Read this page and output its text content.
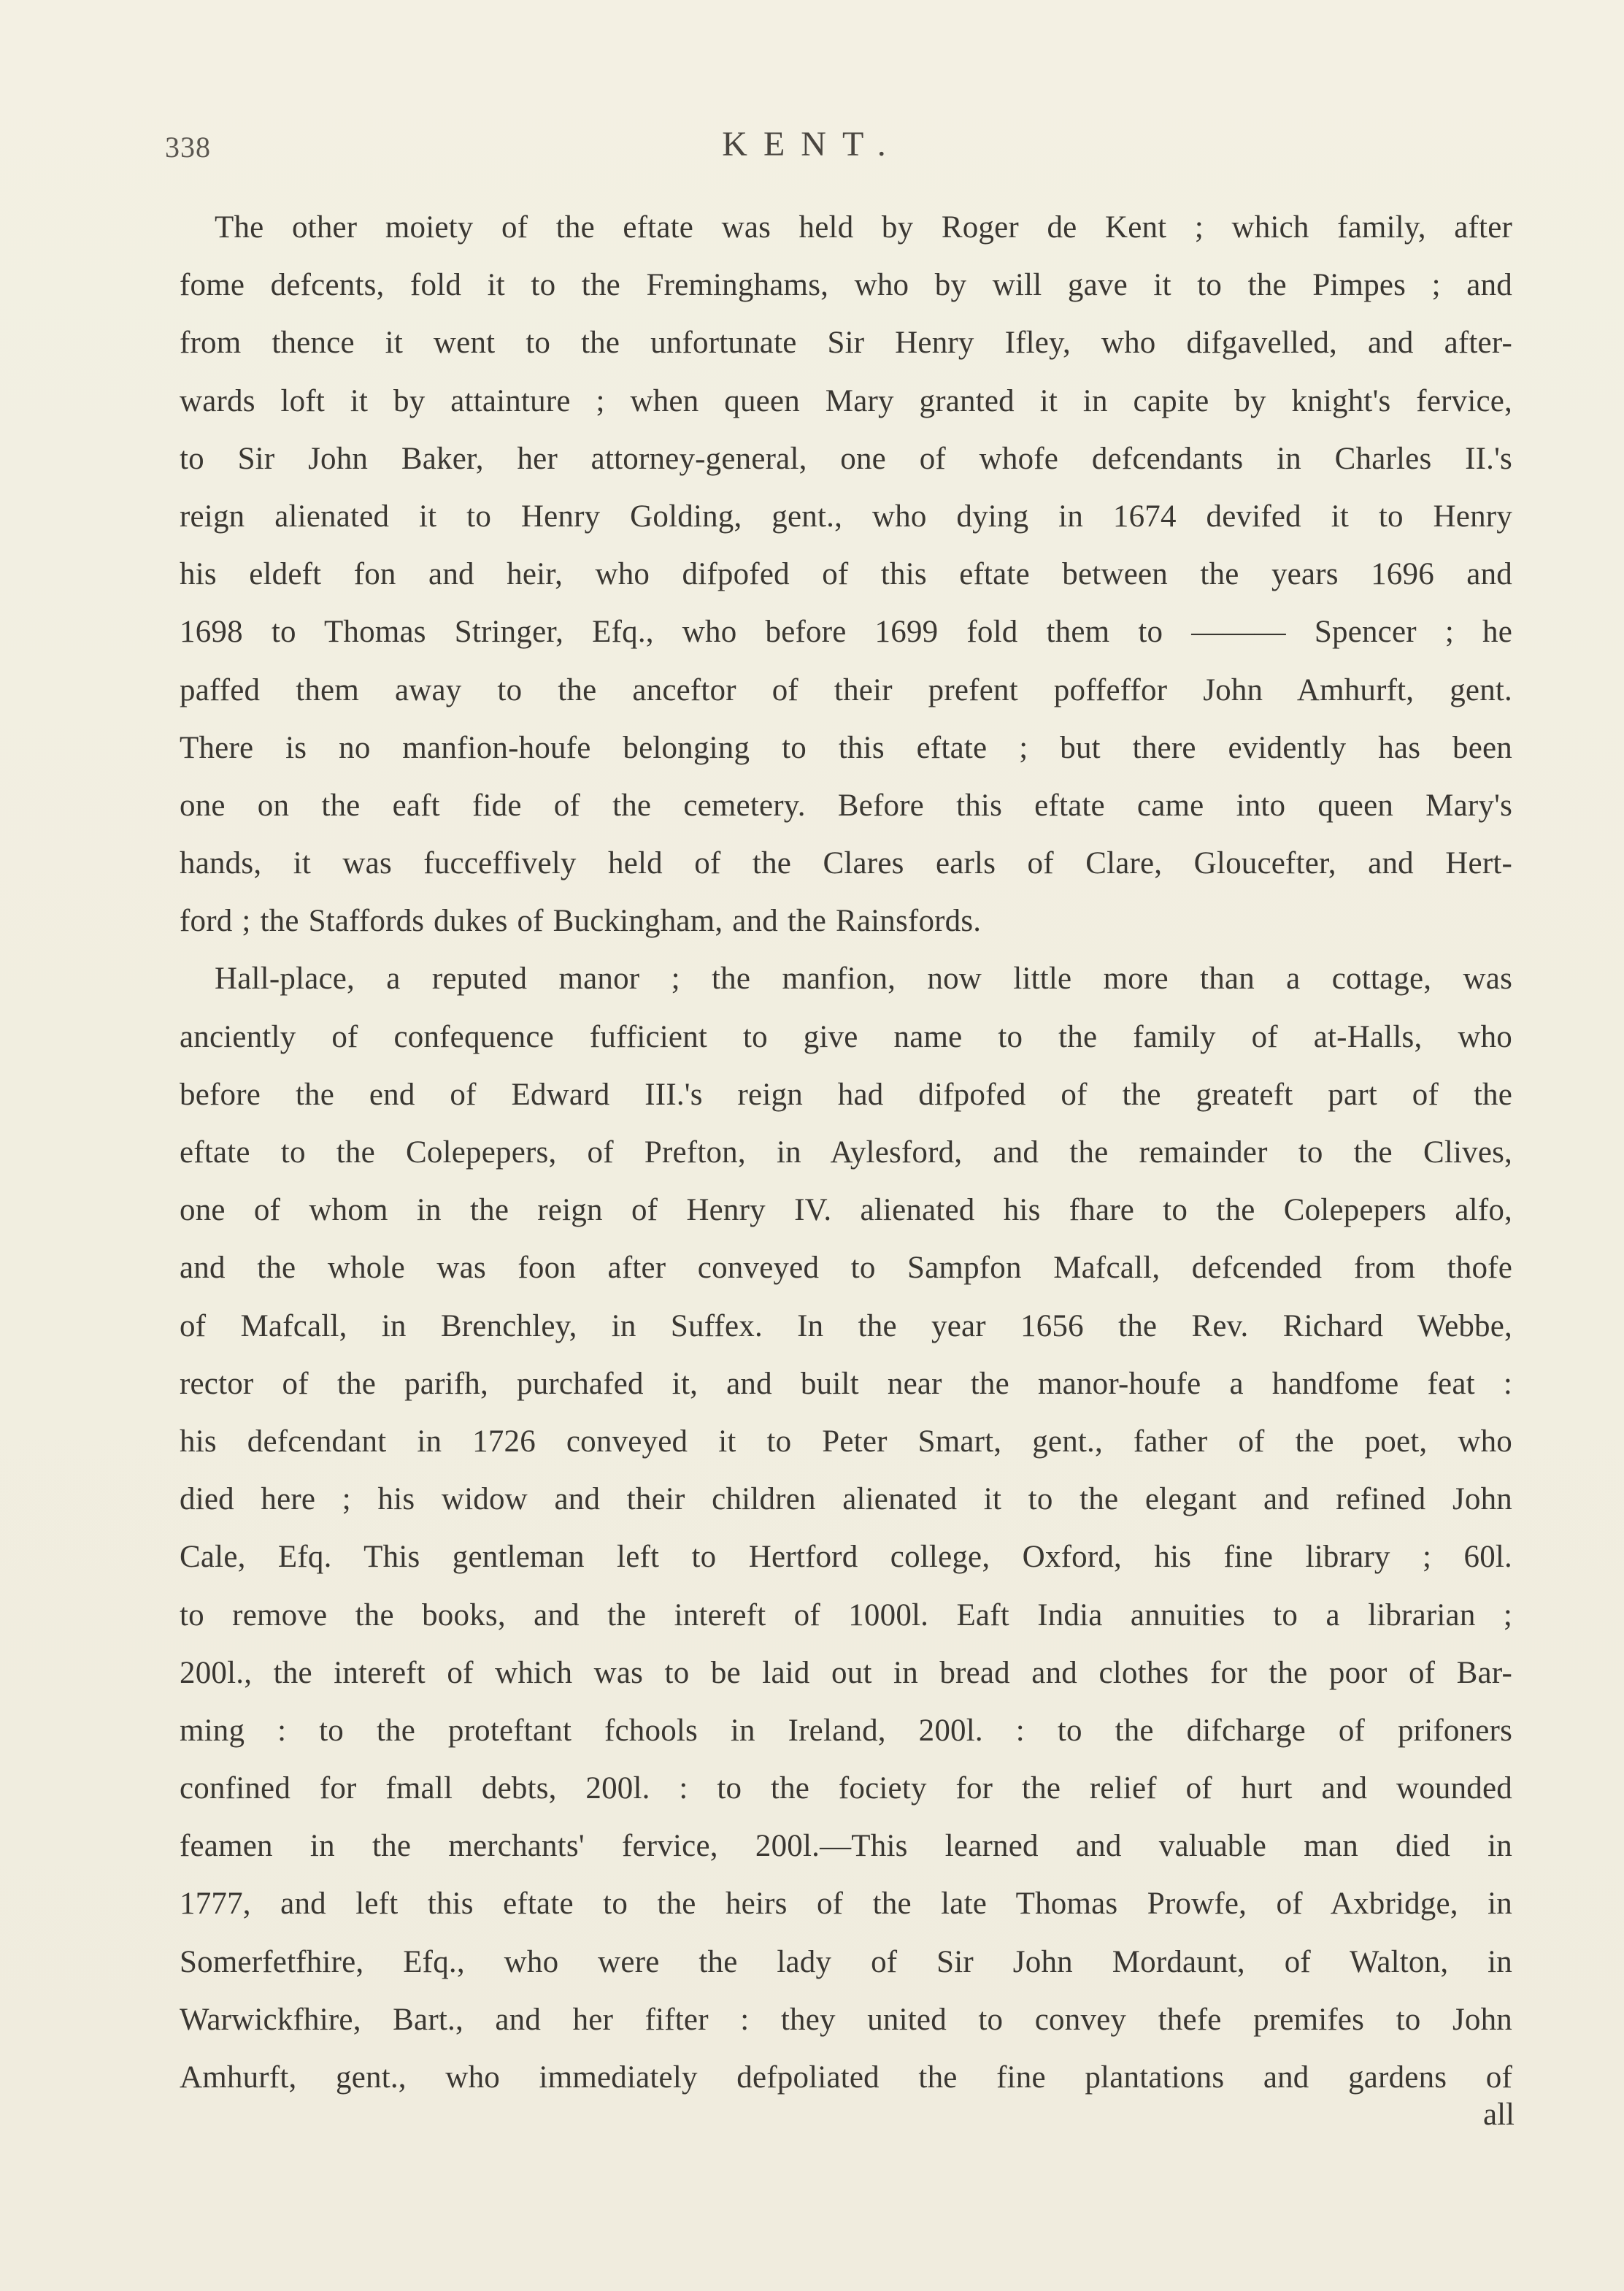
338	KENT.
The other moiety of the eftate was held by Roger de Kent ; which family, after
fome defcents, fold it to the Freminghams, who by will gave it to the Pimpes ; and
from thence it went to the unfortunate Sir Henry Ifley, who difgavelled, and after-
wards loft it by attainture ; when queen Mary granted it in capite by knight's fervice,
to Sir John Baker, her attorney-general, one of whofe defcendants in Charles II.'s
reign alienated it to Henry Golding, gent., who dying in 1674 devifed it to Henry
his eldeft fon and heir, who difpofed of this eftate between the years 1696 and
1698 to Thomas Stringer, Efq., who before 1699 fold them to ——— Spencer ; he
paffed them away to the anceftor of their prefent poffeffor John Amhurft, gent.
There is no manfion-houfe belonging to this eftate ; but there evidently has been
one on the eaft fide of the cemetery. Before this eftate came into queen Mary's
hands, it was fucceffively held of the Clares earls of Clare, Gloucefter, and Hert-
ford ; the Staffords dukes of Buckingham, and the Rainsfords.
Hall-place, a reputed manor ; the manfion, now little more than a cottage, was
anciently of confequence fufficient to give name to the family of at-Halls, who
before the end of Edward III.'s reign had difpofed of the greateft part of the
eftate to the Colepepers, of Prefton, in Aylesford, and the remainder to the Clives,
one of whom in the reign of Henry IV. alienated his fhare to the Colepepers alfo,
and the whole was foon after conveyed to Sampfon Mafcall, defcended from thofe
of Mafcall, in Brenchley, in Suffex. In the year 1656 the Rev. Richard Webbe,
rector of the parifh, purchafed it, and built near the manor-houfe a handfome feat :
his defcendant in 1726 conveyed it to Peter Smart, gent., father of the poet, who
died here ; his widow and their children alienated it to the elegant and refined John
Cale, Efq. This gentleman left to Hertford college, Oxford, his fine library ; 60l.
to remove the books, and the intereft of 1000l. Eaft India annuities to a librarian ;
200l., the intereft of which was to be laid out in bread and clothes for the poor of Bar-
ming : to the proteftant fchools in Ireland, 200l. : to the difcharge of prifoners
confined for fmall debts, 200l. : to the fociety for the relief of hurt and wounded
feamen in the merchants' fervice, 200l.—This learned and valuable man died in
1777, and left this eftate to the heirs of the late Thomas Prowfe, of Axbridge, in
Somerfetfhire, Efq., who were the lady of Sir John Mordaunt, of Walton, in
Warwickfhire, Bart., and her fifter : they united to convey thefe premifes to John
Amhurft, gent., who immediately defpoliated the fine plantations and gardens of
all
